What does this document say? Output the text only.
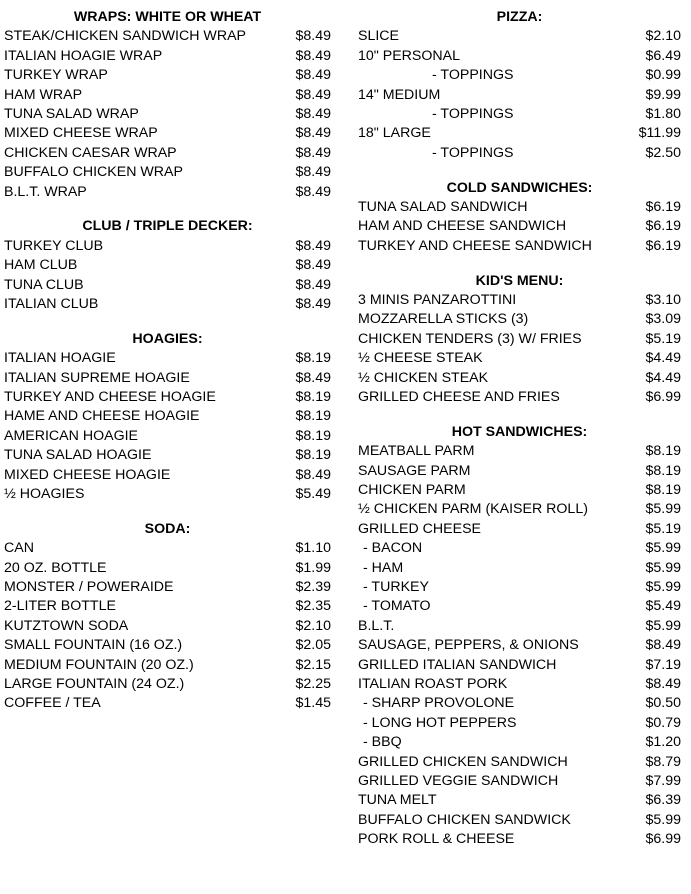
WRAPS: WHITE OR WHEAT
STEAK/CHICKEN SANDWICH WRAP	$8.49
ITALIAN HOAGIE WRAP	$8.49
TURKEY WRAP	$8.49
HAM WRAP	$8.49
TUNA SALAD WRAP	$8.49
MIXED CHEESE WRAP	$8.49
CHICKEN CAESAR WRAP	$8.49
BUFFALO CHICKEN WRAP	$8.49
B.L.T. WRAP	$8.49
CLUB / TRIPLE DECKER:
TURKEY CLUB	$8.49
HAM CLUB	$8.49
TUNA CLUB	$8.49
ITALIAN CLUB	$8.49
HOAGIES:
ITALIAN HOAGIE	$8.19
ITALIAN SUPREME HOAGIE	$8.49
TURKEY AND CHEESE HOAGIE	$8.19
HAME AND CHEESE HOAGIE	$8.19
AMERICAN HOAGIE	$8.19
TUNA SALAD HOAGIE	$8.19
MIXED CHEESE HOAGIE	$8.49
½ HOAGIES	$5.49
SODA:
CAN	$1.10
20 OZ. BOTTLE	$1.99
MONSTER / POWERAIDE	$2.39
2-LITER BOTTLE	$2.35
KUTZTOWN SODA	$2.10
SMALL FOUNTAIN (16 OZ.)	$2.05
MEDIUM FOUNTAIN (20 OZ.)	$2.15
LARGE FOUNTAIN (24 OZ.)	$2.25
COFFEE / TEA	$1.45
PIZZA:
SLICE	$2.10
10" PERSONAL	$6.49
- TOPPINGS	$0.99
14" MEDIUM	$9.99
- TOPPINGS	$1.80
18" LARGE	$11.99
- TOPPINGS	$2.50
COLD SANDWICHES:
TUNA SALAD SANDWICH	$6.19
HAM AND CHEESE SANDWICH	$6.19
TURKEY AND CHEESE SANDWICH	$6.19
KID'S MENU:
3 MINIS PANZAROTTINI	$3.10
MOZZARELLA STICKS (3)	$3.09
CHICKEN TENDERS (3) W/ FRIES	$5.19
½ CHEESE STEAK	$4.49
½ CHICKEN STEAK	$4.49
GRILLED CHEESE AND FRIES	$6.99
HOT SANDWICHES:
MEATBALL PARM	$8.19
SAUSAGE PARM	$8.19
CHICKEN PARM	$8.19
½ CHICKEN PARM (KAISER ROLL)	$5.99
GRILLED CHEESE	$5.19
- BACON	$5.99
- HAM	$5.99
- TURKEY	$5.99
- TOMATO	$5.49
B.L.T.	$5.99
SAUSAGE, PEPPERS, & ONIONS	$8.49
GRILLED ITALIAN SANDWICH	$7.19
ITALIAN ROAST PORK	$8.49
- SHARP PROVOLONE	$0.50
- LONG HOT PEPPERS	$0.79
- BBQ	$1.20
GRILLED CHICKEN SANDWICH	$8.79
GRILLED VEGGIE SANDWICH	$7.99
TUNA MELT	$6.39
BUFFALO CHICKEN SANDWICK	$5.99
PORK ROLL & CHEESE	$6.99
